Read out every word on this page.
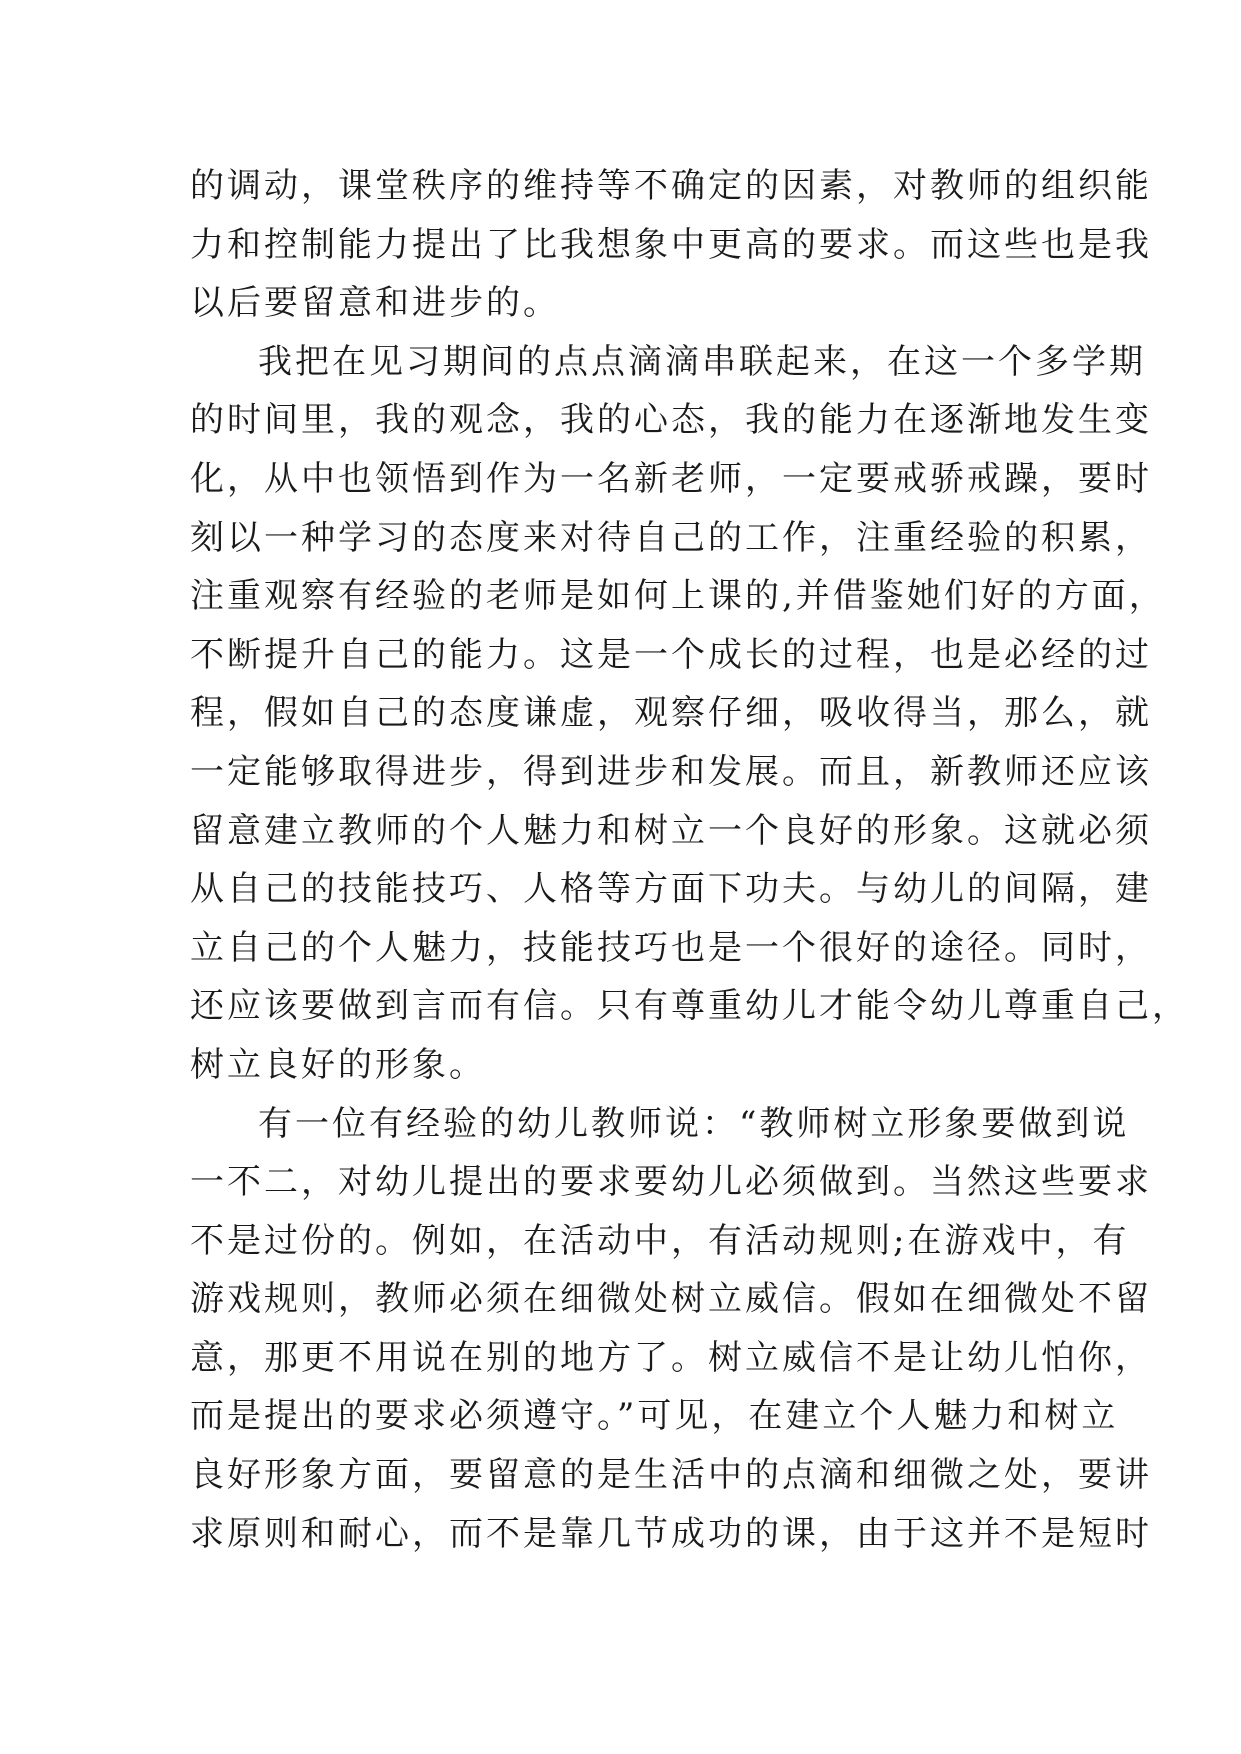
的调动，课堂秩序的维持等不确定的因素，对教师的组织能
力和控制能力提出了比我想象中更高的要求。而这些也是我
以后要留意和进步的。
我把在见习期间的点点滴滴串联起来，在这一个多学期
的时间里，我的观念，我的心态，我的能力在逐渐地发生变
化，从中也领悟到作为一名新老师，一定要戒骄戒躁，要时
刻以一种学习的态度来对待自己的工作，注重经验的积累，
注重观察有经验的老师是如何上课的,并借鉴她们好的方面，
不断提升自己的能力。这是一个成长的过程，也是必经的过
程，假如自己的态度谦虚，观察仔细，吸收得当，那么，就
一定能够取得进步，得到进步和发展。而且，新教师还应该
留意建立教师的个人魅力和树立一个良好的形象。这就必须
从自己的技能技巧、人格等方面下功夫。与幼儿的间隔，建
立自己的个人魅力，技能技巧也是一个很好的途径。同时，
还应该要做到言而有信。只有尊重幼儿才能令幼儿尊重自己，
树立良好的形象。
有一位有经验的幼儿教师说：“教师树立形象要做到说
一不二，对幼儿提出的要求要幼儿必须做到。当然这些要求
不是过份的。例如，在活动中，有活动规则;在游戏中，有
游戏规则，教师必须在细微处树立威信。假如在细微处不留
意，那更不用说在别的地方了。树立威信不是让幼儿怕你，
而是提出的要求必须遵守。”可见，在建立个人魅力和树立
良好形象方面，要留意的是生活中的点滴和细微之处，要讲
求原则和耐心，而不是靠几节成功的课，由于这并不是短时
